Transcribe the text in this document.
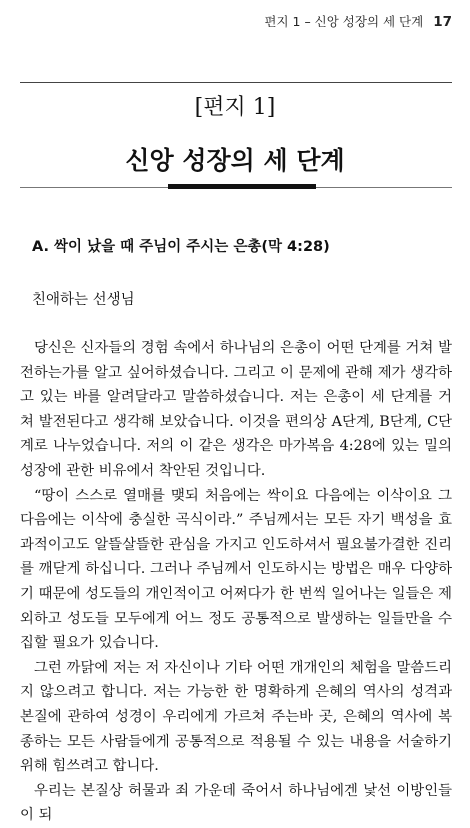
편지 1 – 신앙 성장의 세 단계 17
[편지 1]
신앙 성장의 세 단계
A. 싹이 났을 때 주님이 주시는 은총(막 4:28)
친애하는 선생님

당신은 신자들의 경험 속에서 하나님의 은총이 어떤 단계를 거쳐 발전하는가를 알고 싶어하셨습니다. 그리고 이 문제에 관해 제가 생각하고 있는 바를 알려달라고 말씀하셨습니다. 저는 은총이 세 단계를 거쳐 발전된다고 생각해 보았습니다. 이것을 편의상 A단계, B단계, C단계로 나누었습니다. 저의 이 같은 생각은 마가복음 4:28에 있는 밀의 성장에 관한 비유에서 착안된 것입니다.

“땅이 스스로 열매를 맺되 처음에는 싹이요 다음에는 이삭이요 그 다음에는 이삭에 충실한 곡식이라.” 주님께서는 모든 자기 백성을 효과적이고도 알뜰살뜰한 관심을 가지고 인도하셔서 필요불가결한 진리를 깨닫게 하십니다. 그러나 주님께서 인도하시는 방법은 매우 다양하기 때문에 성도들의 개인적이고 어쩌다가 한 번씩 일어나는 일들은 제외하고 성도들 모두에게 어느 정도 공통적으로 발생하는 일들만을 수집할 필요가 있습니다.

그런 까닭에 저는 저 자신이나 기타 어떤 개개인의 체험을 말씀드리지 않으려고 합니다. 저는 가능한 한 명확하게 은혜의 역사의 성격과 본질에 관하여 성경이 우리에게 가르쳐 주는바 곳, 은혜의 역사에 복종하는 모든 사람들에게 공통적으로 적용될 수 있는 내용을 서술하기 위해 힘쓰려고 합니다.

우리는 본질상 허물과 죄 가운데 죽어서 하나님에겐 낯선 이방인들이 되
